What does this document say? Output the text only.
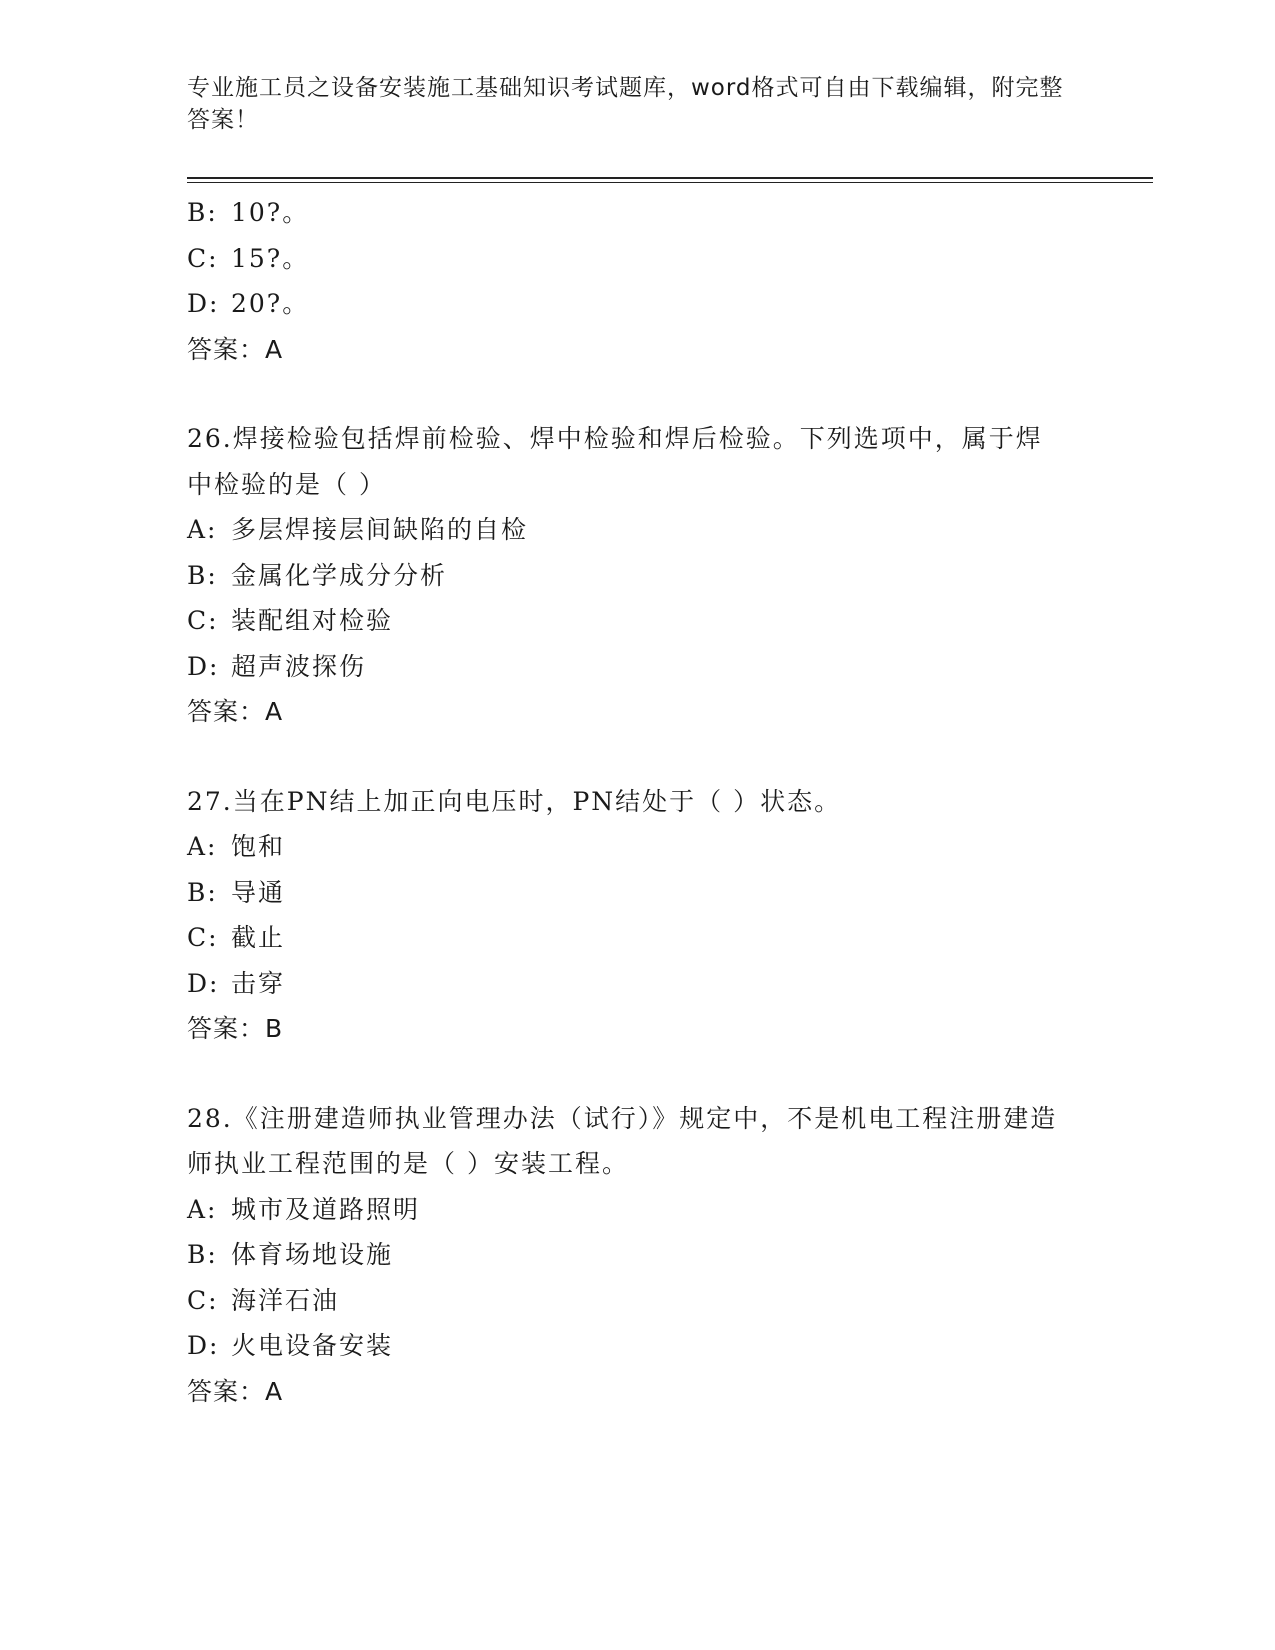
专业施工员之设备安装施工基础知识考试题库，word格式可自由下载编辑，附完整答案！
B: 10?。
C: 15?。
D: 20?。
答案：A
26.焊接检验包括焊前检验、焊中检验和焊后检验。下列选项中，属于焊中检验的是（ ）
A: 多层焊接层间缺陷的自检
B: 金属化学成分分析
C: 装配组对检验
D: 超声波探伤
答案：A
27.当在PN结上加正向电压时，PN结处于（ ）状态。
A: 饱和
B: 导通
C: 截止
D: 击穿
答案：B
28.《注册建造师执业管理办法（试行）》规定中，不是机电工程注册建造师执业工程范围的是（ ）安装工程。
A: 城市及道路照明
B: 体育场地设施
C: 海洋石油
D: 火电设备安装
答案：A
